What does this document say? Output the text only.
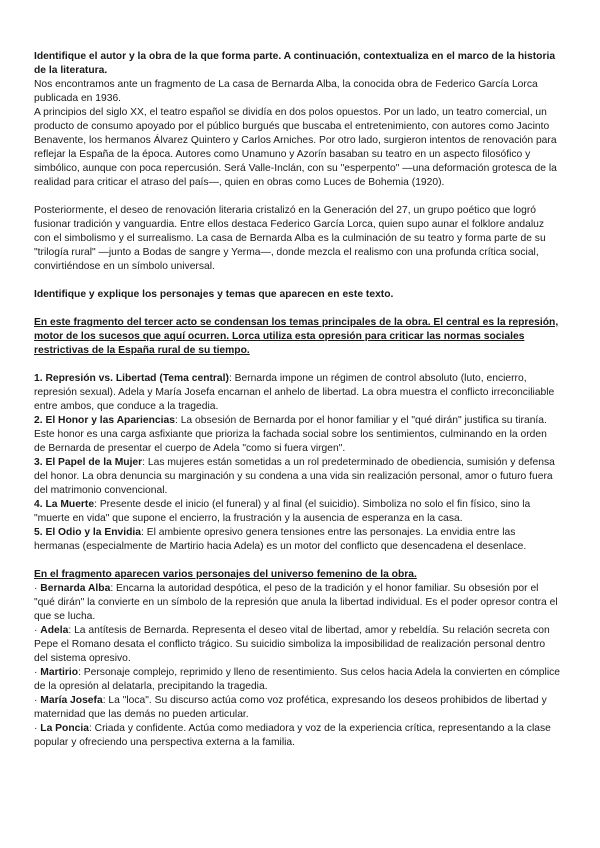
Identifique el autor y la obra de la que forma parte. A continuación, contextualiza en el marco de la historia de la literatura.

Nos encontramos ante un fragmento de La casa de Bernarda Alba, la conocida obra de Federico García Lorca publicada en 1936.

A principios del siglo XX, el teatro español se dividía en dos polos opuestos. Por un lado, un teatro comercial, un producto de consumo apoyado por el público burgués que buscaba el entretenimiento, con autores como Jacinto Benavente, los hermanos Álvarez Quintero y Carlos Arniches. Por otro lado, surgieron intentos de renovación para reflejar la España de la época. Autores como Unamuno y Azorín basaban su teatro en un aspecto filosófico y simbólico, aunque con poca repercusión. Será Valle-Inclán, con su "esperpento" —una deformación grotesca de la realidad para criticar el atraso del país—, quien en obras como Luces de Bohemia (1920).

Posteriormente, el deseo de renovación literaria cristalizó en la Generación del 27, un grupo poético que logró fusionar tradición y vanguardia. Entre ellos destaca Federico García Lorca, quien supo aunar el folklore andaluz con el simbolismo y el surrealismo. La casa de Bernarda Alba es la culminación de su teatro y forma parte de su "trilogía rural" —junto a Bodas de sangre y Yerma—, donde mezcla el realismo con una profunda crítica social, convirtiéndose en un símbolo universal.

Identifique y explique los personajes y temas que aparecen en este texto.

En este fragmento del tercer acto se condensan los temas principales de la obra. El central es la represión, motor de los sucesos que aquí ocurren. Lorca utiliza esta opresión para criticar las normas sociales restrictivas de la España rural de su tiempo.

1. Represión vs. Libertad (Tema central): Bernarda impone un régimen de control absoluto (luto, encierro, represión sexual). Adela y María Josefa encarnan el anhelo de libertad. La obra muestra el conflicto irreconciliable entre ambos, que conduce a la tragedia.

2. El Honor y las Apariencias: La obsesión de Bernarda por el honor familiar y el "qué dirán" justifica su tiranía. Este honor es una carga asfixiante que prioriza la fachada social sobre los sentimientos, culminando en la orden de Bernarda de presentar el cuerpo de Adela "como si fuera virgen".

3. El Papel de la Mujer: Las mujeres están sometidas a un rol predeterminado de obediencia, sumisión y defensa del honor. La obra denuncia su marginación y su condena a una vida sin realización personal, amor o futuro fuera del matrimonio convencional.

4. La Muerte: Presente desde el inicio (el funeral) y al final (el suicidio). Simboliza no solo el fin físico, sino la "muerte en vida" que supone el encierro, la frustración y la ausencia de esperanza en la casa.

5. El Odio y la Envidia: El ambiente opresivo genera tensiones entre las personajes. La envidia entre las hermanas (especialmente de Martirio hacia Adela) es un motor del conflicto que desencadena el desenlace.

En el fragmento aparecen varios personajes del universo femenino de la obra.

· Bernarda Alba: Encarna la autoridad despótica, el peso de la tradición y el honor familiar. Su obsesión por el "qué dirán" la convierte en un símbolo de la represión que anula la libertad individual. Es el poder opresor contra el que se lucha.

· Adela: La antítesis de Bernarda. Representa el deseo vital de libertad, amor y rebeldía. Su relación secreta con Pepe el Romano desata el conflicto trágico. Su suicidio simboliza la imposibilidad de realización personal dentro del sistema opresivo.

· Martirio: Personaje complejo, reprimido y lleno de resentimiento. Sus celos hacia Adela la convierten en cómplice de la opresión al delatarla, precipitando la tragedia.

· María Josefa: La "loca". Su discurso actúa como voz profética, expresando los deseos prohibidos de libertad y maternidad que las demás no pueden articular.

· La Poncia: Criada y confidente. Actúa como mediadora y voz de la experiencia crítica, representando a la clase popular y ofreciendo una perspectiva externa a la familia.
